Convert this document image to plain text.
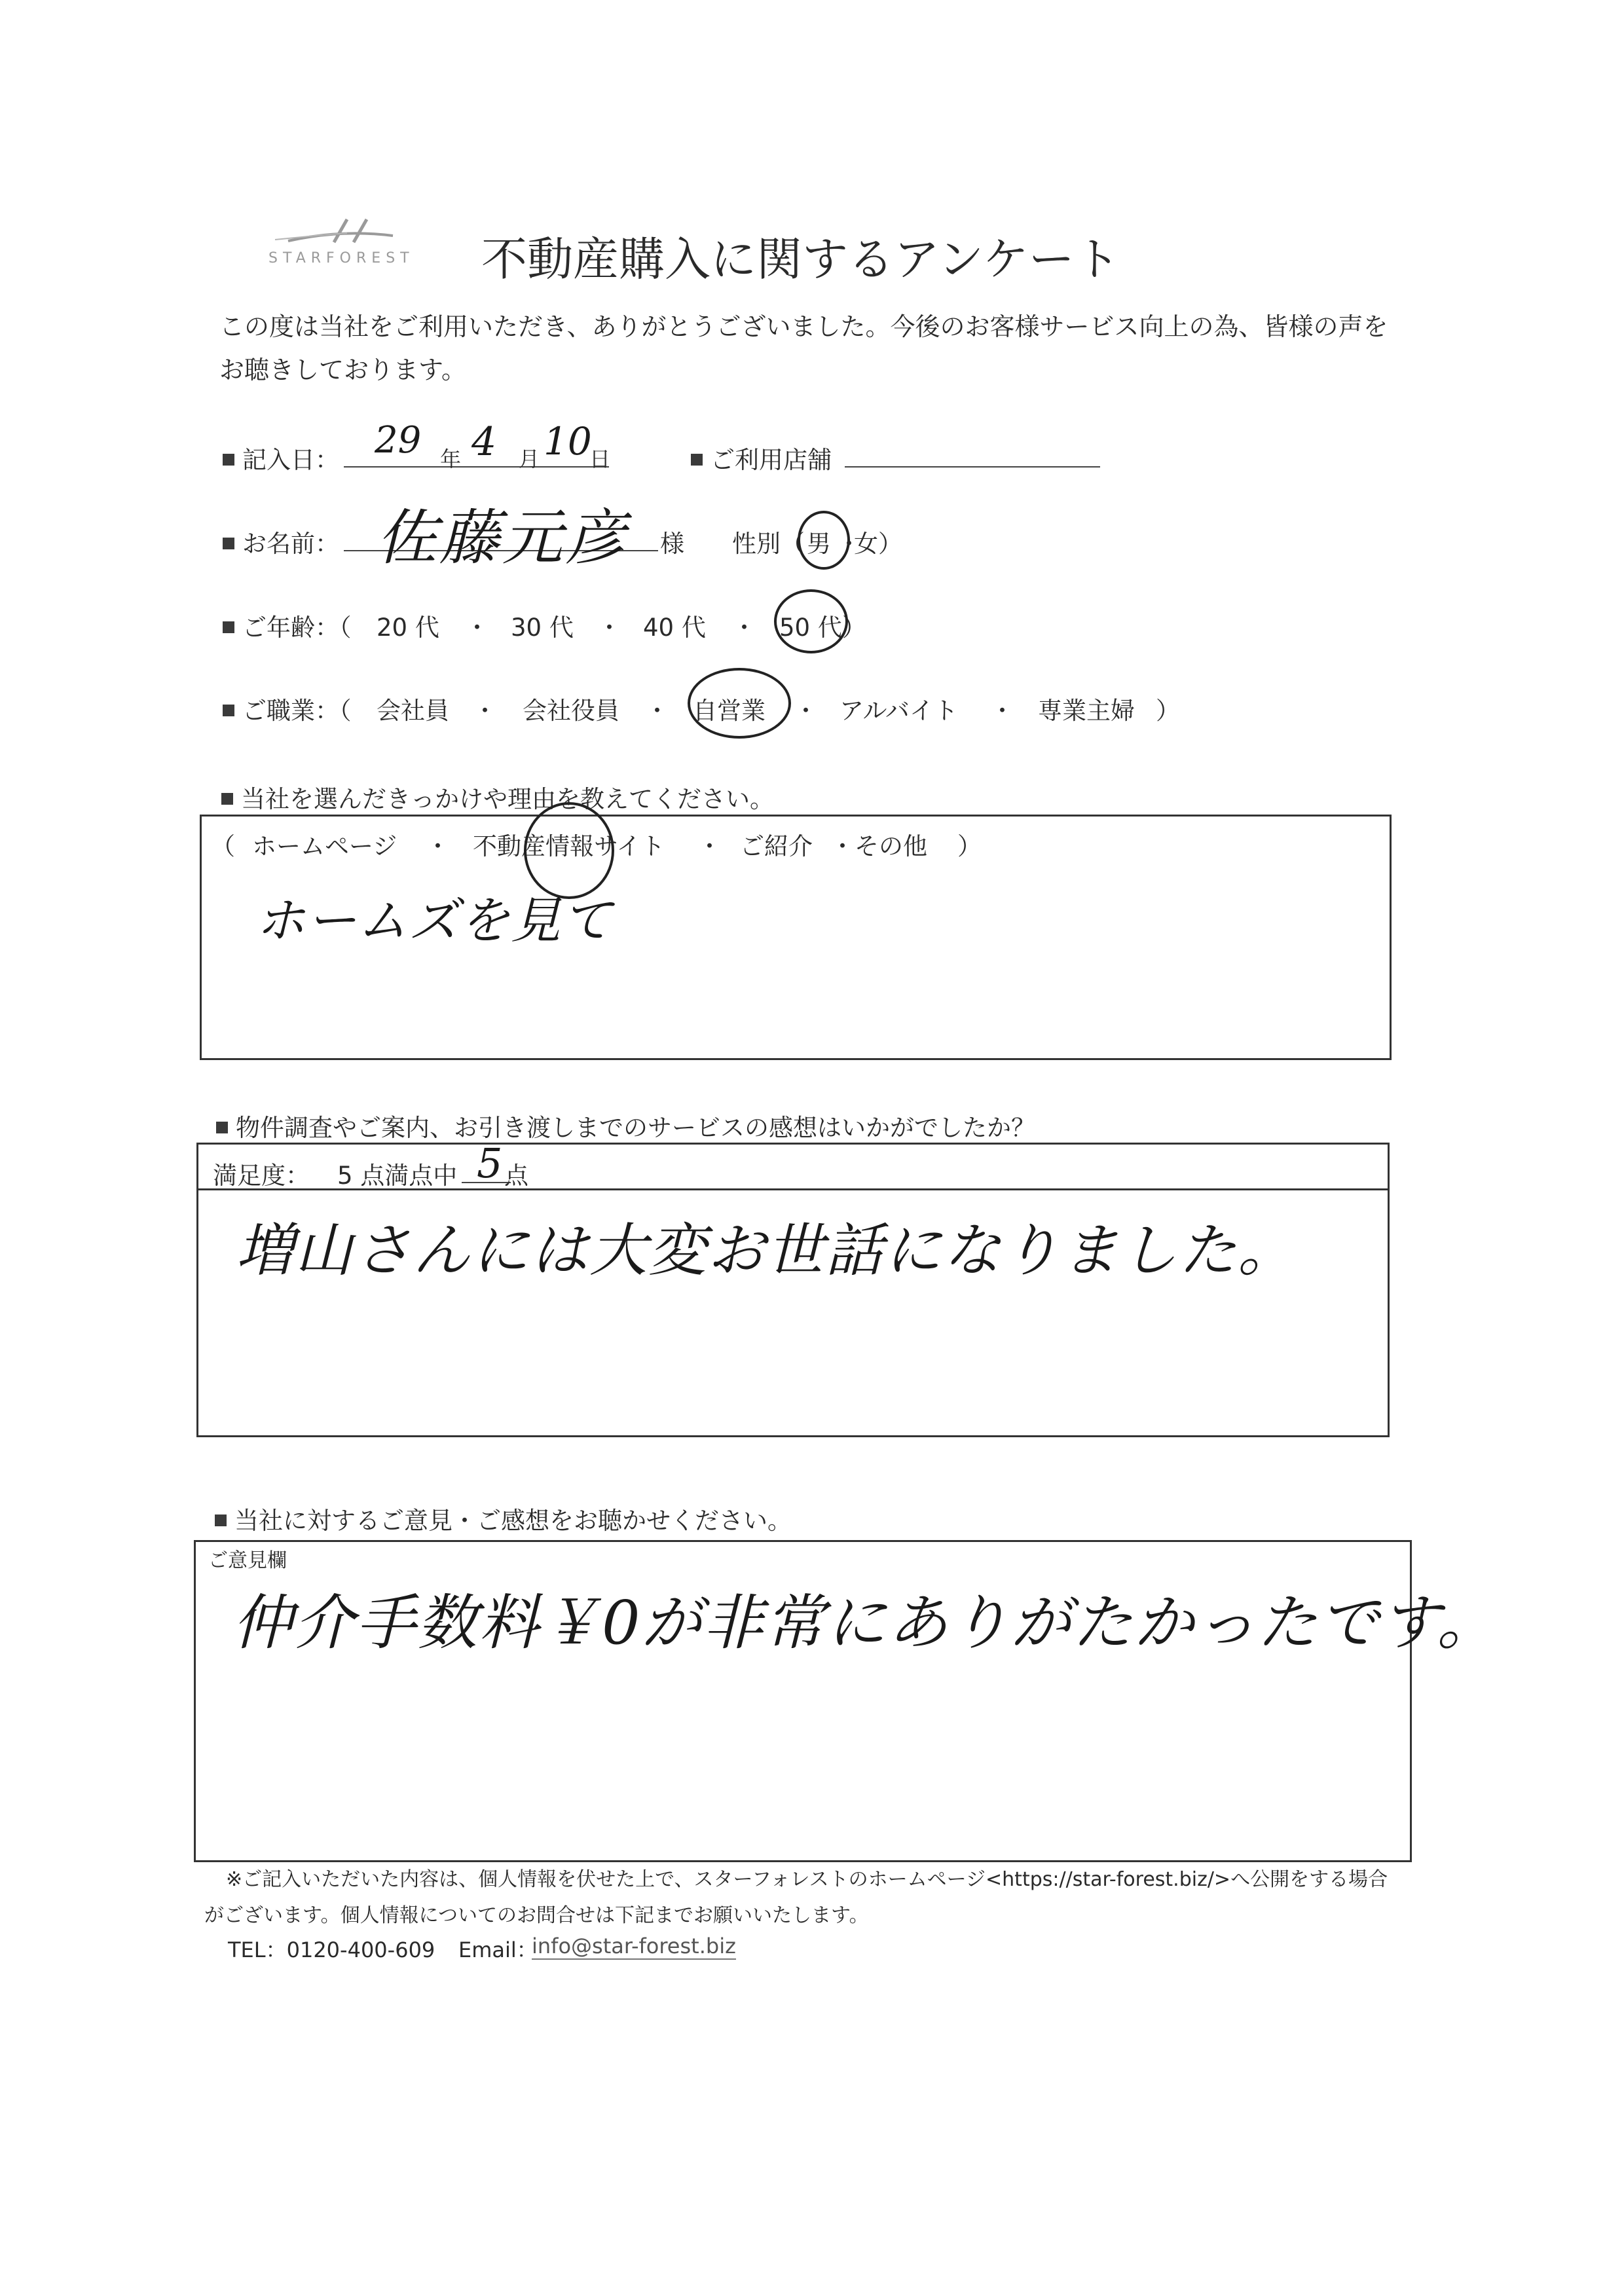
STARFOREST 不動産購入に関するアンケート
この度は当社をご利用いただき、ありがとうございました。今後のお客様サービス向上の為、皆様の声を
お聴きしております。
記入日： 29 年 4 月 10
日	ご利用店舗
お名前： 佐藤元彦 様 性別（ 男 ・
女）
ご年齢：（ 20 代 ・ 30 代 ・ 40 代 ・ 50 代）
ご職業：（ 会社員 ・ 会社役員 ・ 自営業 ・ アルバイト ・ 専業主婦 ）
当社を選んだきっかけや理由を教えてください。
（ ホームページ ・ 不動産情報サイト ・ ご紹介 ・その他 ）
ホームズを見て
物件調査やご案内、お引き渡しまでのサービスの感想はいかがでしたか？
満足度： 5 点満点中 5 点
増山さんには大変お世話になりました。
当社に対するご意見・ご感想をお聴かせください。
ご意見欄
仲介手数料￥0が非常にありがたかったです。
※ご記入いただいた内容は、個人情報を伏せた上で、スターフォレストのホームページ<https://star-forest.biz/>へ公開をする場合
がございます。個人情報についてのお問合せは下記までお願いいたします。
TEL：0120-400-609 Email：
info@star-forest.biz
